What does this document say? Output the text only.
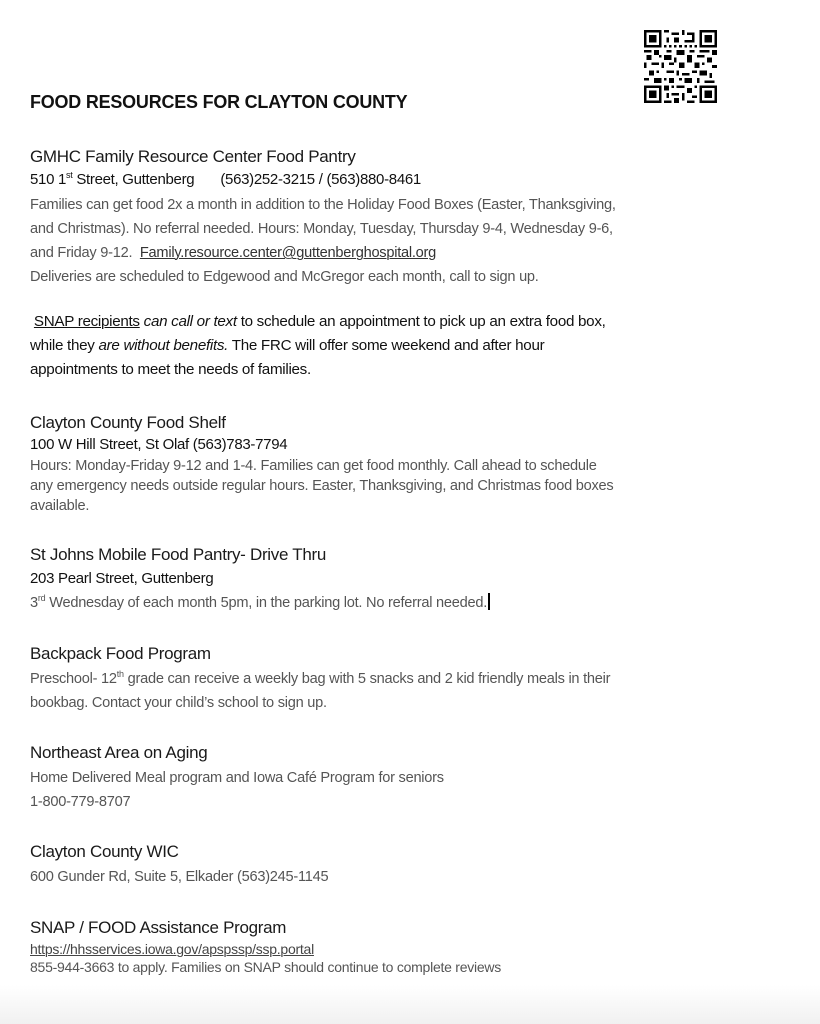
FOOD RESOURCES FOR CLAYTON COUNTY
GMHC Family Resource Center Food Pantry
510 1st Street, Guttenberg (563)252-3215 / (563)880-8461
Families can get food 2x a month in addition to the Holiday Food Boxes (Easter, Thanksgiving,
and Christmas). No referral needed. Hours: Monday, Tuesday, Thursday 9-4, Wednesday 9-6,
and Friday 9-12. Family.resource.center@guttenberghospital.org
Deliveries are scheduled to Edgewood and McGregor each month, call to sign up.
SNAP recipients can call or text to schedule an appointment to pick up an extra food box,
while they are without benefits. The FRC will offer some weekend and after hour
appointments to meet the needs of families.
Clayton County Food Shelf
100 W Hill Street, St Olaf (563)783-7794
Hours: Monday-Friday 9-12 and 1-4. Families can get food monthly. Call ahead to schedule
any emergency needs outside regular hours. Easter, Thanksgiving, and Christmas food boxes
available.
St Johns Mobile Food Pantry- Drive Thru
203 Pearl Street, Guttenberg
3rd Wednesday of each month 5pm, in the parking lot. No referral needed.
Backpack Food Program
Preschool- 12th grade can receive a weekly bag with 5 snacks and 2 kid friendly meals in their
bookbag. Contact your child’s school to sign up.
Northeast Area on Aging
Home Delivered Meal program and Iowa Café Program for seniors
1-800-779-8707
Clayton County WIC
600 Gunder Rd, Suite 5, Elkader (563)245-1145
SNAP / FOOD Assistance Program
https://hhsservices.iowa.gov/apspssp/ssp.portal
855-944-3663 to apply. Families on SNAP should continue to complete reviews
